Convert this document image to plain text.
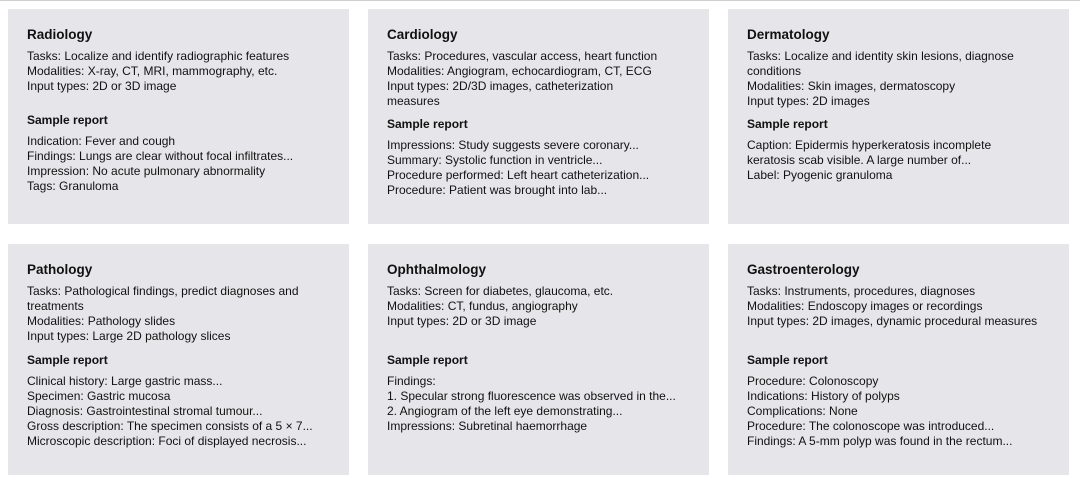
Radiology
Tasks: Localize and identify radiographic features
Modalities: X-ray, CT, MRI, mammography, etc.
Input types: 2D or 3D image
Sample report
Indication: Fever and cough
Findings: Lungs are clear without focal infiltrates...
Impression: No acute pulmonary abnormality
Tags: Granuloma
Cardiology
Tasks: Procedures, vascular access, heart function
Modalities: Angiogram, echocardiogram, CT, ECG
Input types: 2D/3D images, catheterization measures
Sample report
Impressions: Study suggests severe coronary...
Summary: Systolic function in ventricle...
Procedure performed: Left heart catheterization...
Procedure: Patient was brought into lab...
Dermatology
Tasks: Localize and identity skin lesions, diagnose conditions
Modalities: Skin images, dermatoscopy
Input types: 2D images
Sample report
Caption: Epidermis hyperkeratosis incomplete keratosis scab visible. A large number of...
Label: Pyogenic granuloma
Pathology
Tasks: Pathological findings, predict diagnoses and treatments
Modalities: Pathology slides
Input types: Large 2D pathology slices
Sample report
Clinical history: Large gastric mass...
Specimen: Gastric mucosa
Diagnosis: Gastrointestinal stromal tumour...
Gross description: The specimen consists of a 5 × 7...
Microscopic description: Foci of displayed necrosis...
Ophthalmology
Tasks: Screen for diabetes, glaucoma, etc.
Modalities: CT, fundus, angiography
Input types: 2D or 3D image
Sample report
Findings:
1. Specular strong fluorescence was observed in the...
2. Angiogram of the left eye demonstrating...
Impressions: Subretinal haemorrhage
Gastroenterology
Tasks: Instruments, procedures, diagnoses
Modalities: Endoscopy images or recordings
Input types: 2D images, dynamic procedural measures
Sample report
Procedure: Colonoscopy
Indications: History of polyps
Complications: None
Procedure: The colonoscope was introduced...
Findings: A 5-mm polyp was found in the rectum...
